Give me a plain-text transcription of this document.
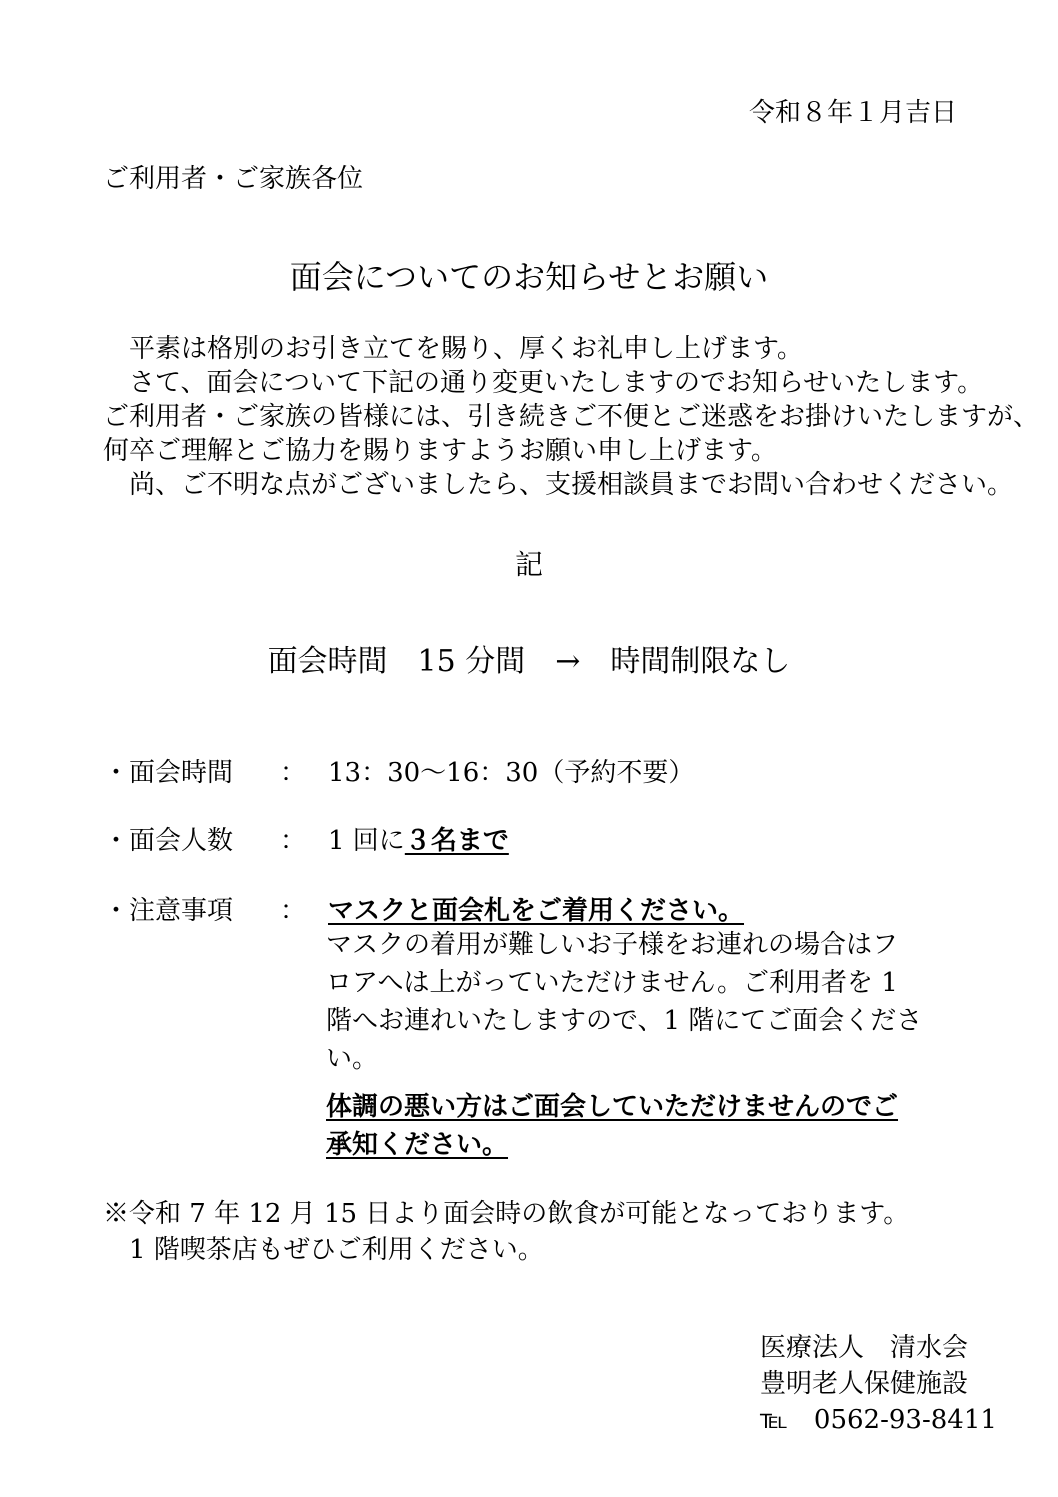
令和８年１月吉日
ご利用者・ご家族各位
面会についてのお知らせとお願い
　平素は格別のお引き立てを賜り、厚くお礼申し上げます。
　さて、面会について下記の通り変更いたしますのでお知らせいたします。
ご利用者・ご家族の皆様には、引き続きご不便とご迷惑をお掛けいたしますが、
何卒ご理解とご協力を賜りますようお願い申し上げます。
　尚、ご不明な点がございましたら、支援相談員までお問い合わせください。
記
面会時間　15 分間　→　時間制限なし
・面会時間 ： 13：30～16：30（予約不要）
・面会人数 ： 1 回に３名まで
・注意事項 ： マスクと面会札をご着用ください。
マスクの着用が難しいお子様をお連れの場合はフ
ロアへは上がっていただけません。ご利用者を 1
階へお連れいたしますので、1 階にてご面会くださ
い。
体調の悪い方はご面会していただけませんのでご
承知ください。
※令和 7 年 12 月 15 日より面会時の飲食が可能となっております。
　1 階喫茶店もぜひご利用ください。
医療法人　清水会
豊明老人保健施設
℡　0562-93-8411
